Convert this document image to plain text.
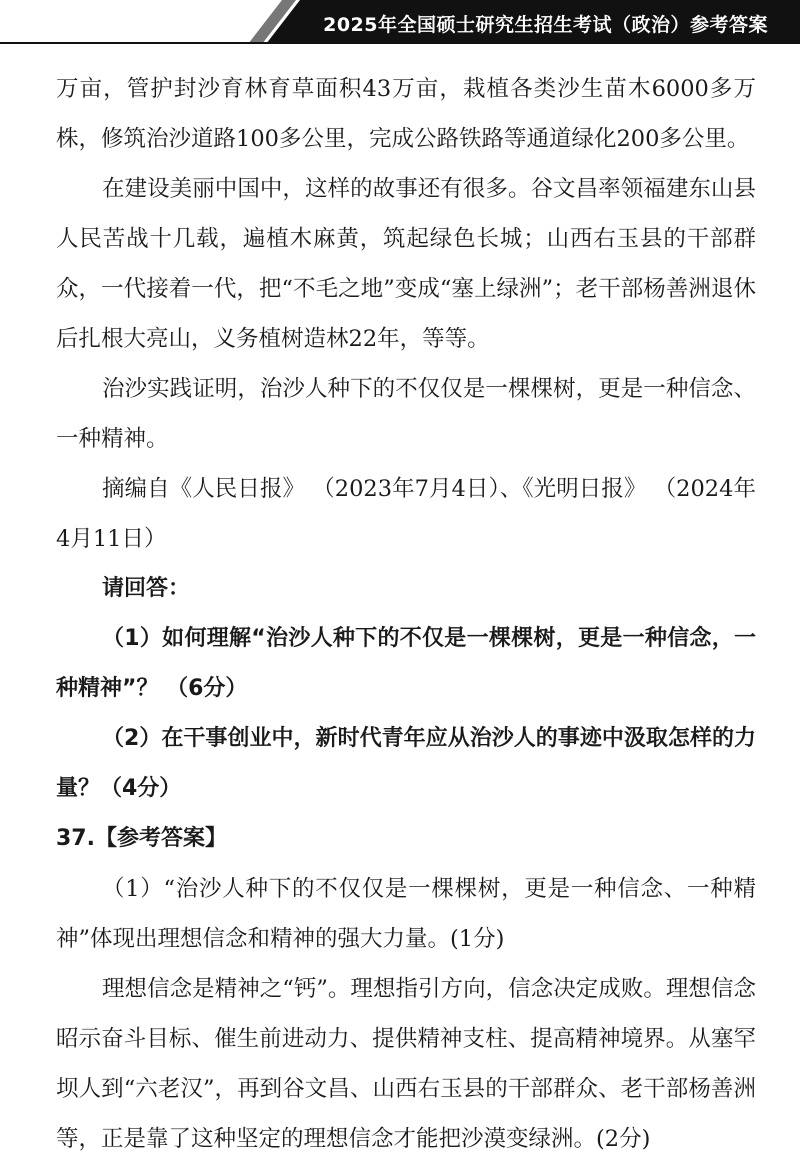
2025年全国硕士研究生招生考试（政治）参考答案

万亩，管护封沙育林育草面积43万亩，栽植各类沙生苗木6000多万株，修筑治沙道路100多公里，完成公路铁路等通道绿化200多公里。

在建设美丽中国中，这样的故事还有很多。谷文昌率领福建东山县人民苦战十几载，遍植木麻黄，筑起绿色长城；山西右玉县的干部群众，一代接着一代，把“不毛之地”变成“塞上绿洲”；老干部杨善洲退休后扎根大亮山，义务植树造林22年，等等。

治沙实践证明，治沙人种下的不仅仅是一棵棵树，更是一种信念、一种精神。

摘编自《人民日报》 （2023年7月4日）、《光明日报》 （2024年4月11日）

请回答：

（1）如何理解“治沙人种下的不仅是一棵棵树，更是一种信念，一种精神”？ （6分）

（2）在干事创业中，新时代青年应从治沙人的事迹中汲取怎样的力量？（4分）

37.【参考答案】

（1）“治沙人种下的不仅仅是一棵棵树，更是一种信念、一种精神”体现出理想信念和精神的强大力量。(1分)

理想信念是精神之“钙”。理想指引方向，信念决定成败。理想信念昭示奋斗目标、催生前进动力、提供精神支柱、提高精神境界。从塞罕坝人到“六老汉”，再到谷文昌、山西右玉县的干部群众、老干部杨善洲等，正是靠了这种坚定的理想信念才能把沙漠变绿洲。(2分)
